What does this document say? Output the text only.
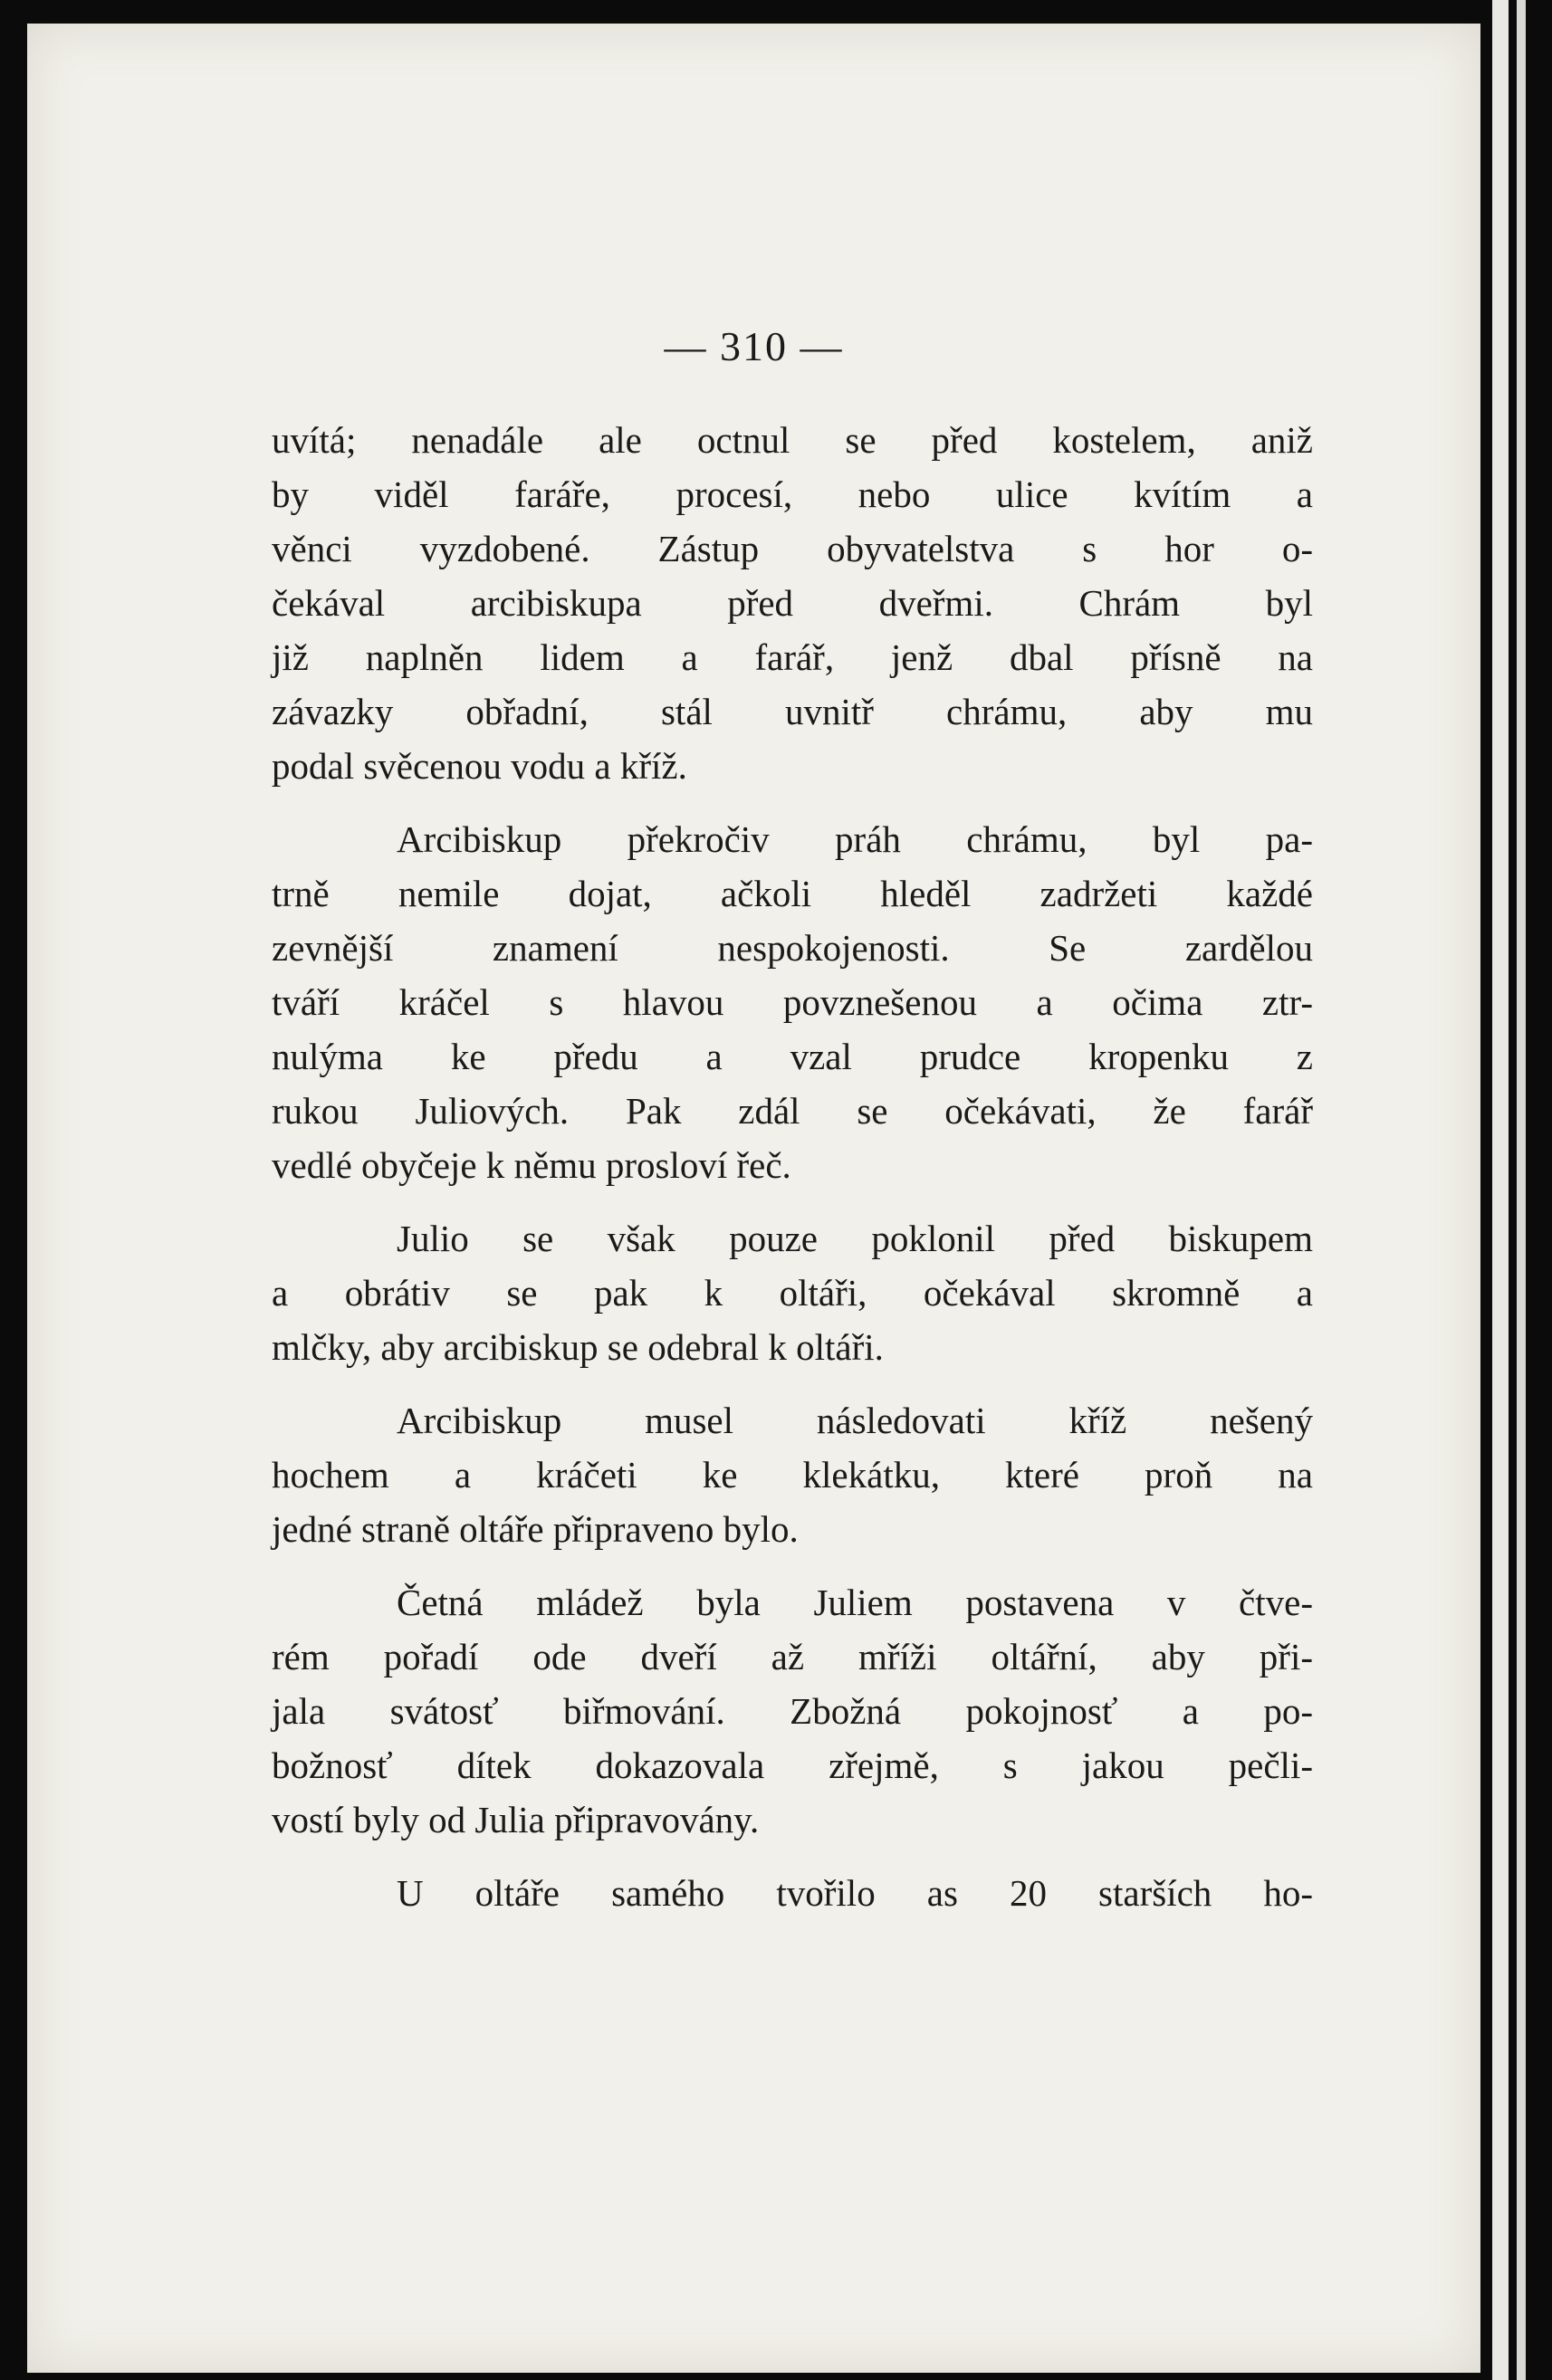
— 310 —
uvítá; nenadále ale octnul se před kostelem, aniž
by viděl faráře, procesí, nebo ulice kvítím a
věnci vyzdobené. Zástup obyvatelstva s hor o-
čekával arcibiskupa před dveřmi. Chrám byl
již naplněn lidem a farář, jenž dbal přísně na
závazky obřadní, stál uvnitř chrámu, aby mu
podal svěcenou vodu a kříž.
Arcibiskup překročiv práh chrámu, byl pa-
trně nemile dojat, ačkoli hleděl zadržeti každé
zevnější znamení nespokojenosti. Se zardělou
tváří kráčel s hlavou povznešenou a očima ztr-
nulýma ke předu a vzal prudce kropenku z
rukou Juliových. Pak zdál se očekávati, že farář
vedlé obyčeje k němu prosloví řeč.
Julio se však pouze poklonil před biskupem
a obrátiv se pak k oltáři, očekával skromně a
mlčky, aby arcibiskup se odebral k oltáři.
Arcibiskup musel následovati kříž nešený
hochem a kráčeti ke klekátku, které proň na
jedné straně oltáře připraveno bylo.
Četná mládež byla Juliem postavena v čtve-
rém pořadí ode dveří až mříži oltářní, aby při-
jala svátosť biřmování. Zbožná pokojnosť a po-
božnosť dítek dokazovala zřejmě, s jakou pečli-
vostí byly od Julia připravovány.
U oltáře samého tvořilo as 20 starších ho-
